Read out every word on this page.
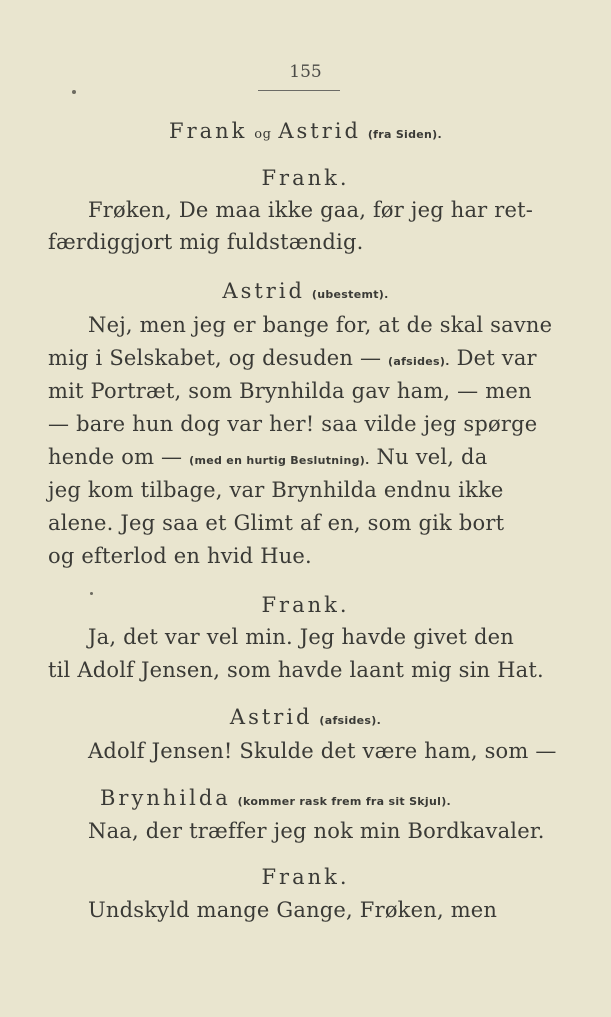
155
Frank og Astrid (fra Siden).
Frank.
Frøken, De maa ikke gaa, før jeg har ret-
færdiggjort mig fuldstændig.
Astrid (ubestemt).
Nej, men jeg er bange for, at de skal savne
mig i Selskabet, og desuden — (afsides). Det var
mit Portræt, som Brynhilda gav ham, — men
— bare hun dog var her! saa vilde jeg spørge
hende om — (med en hurtig Beslutning). Nu vel, da
jeg kom tilbage, var Brynhilda endnu ikke
alene. Jeg saa et Glimt af en, som gik bort
og efterlod en hvid Hue.
Frank.
Ja, det var vel min. Jeg havde givet den
til Adolf Jensen, som havde laant mig sin Hat.
Astrid (afsides).
Adolf Jensen! Skulde det være ham, som —
Brynhilda (kommer rask frem fra sit Skjul).
Naa, der træffer jeg nok min Bordkavaler.
Frank.
Undskyld mange Gange, Frøken, men
